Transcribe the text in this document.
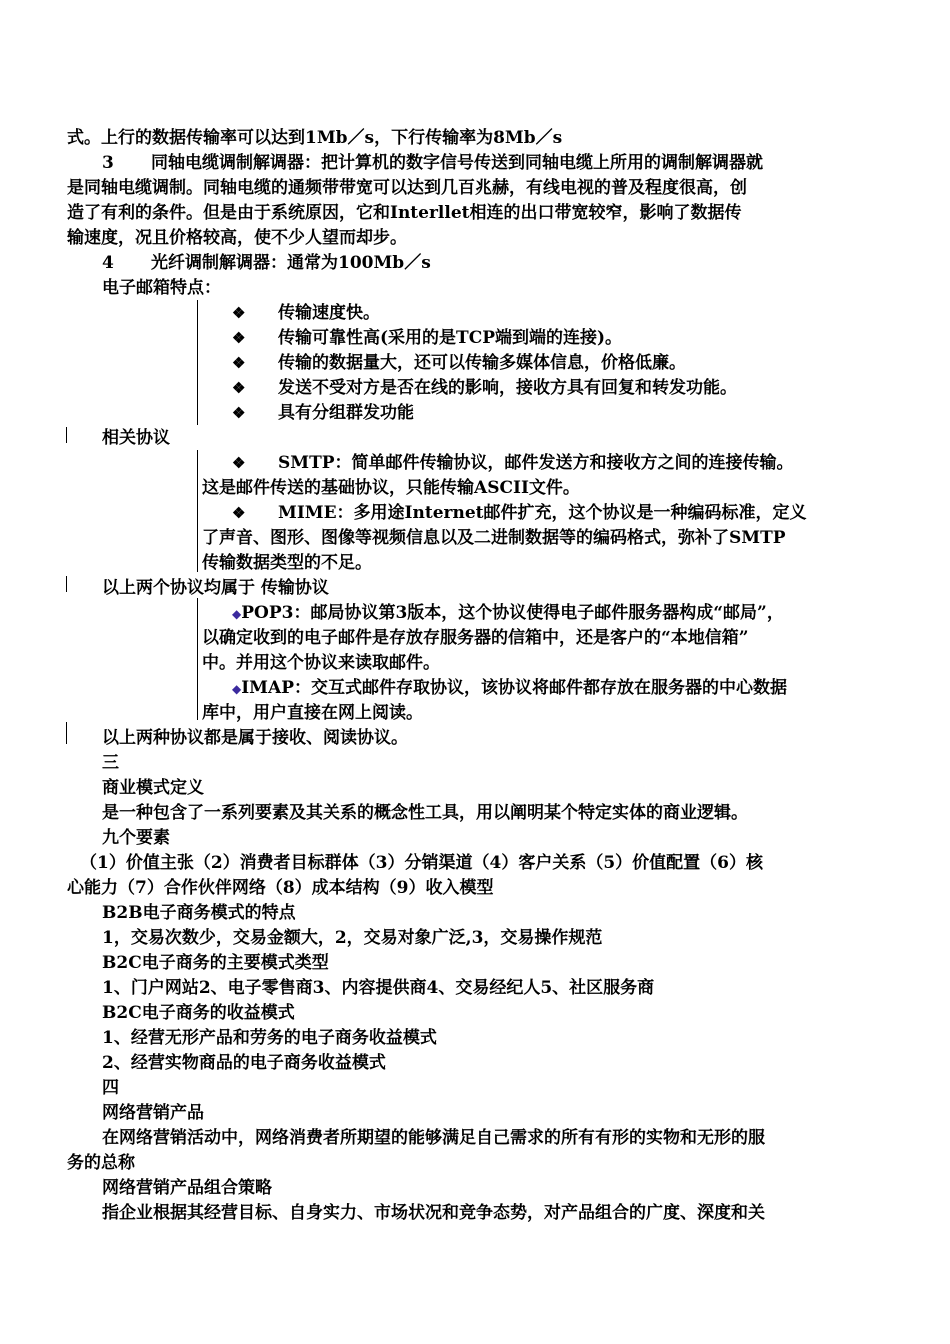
式。上行的数据传输率可以达到1Mb／s，下行传输率为8Mb／s
3 同轴电缆调制解调器：把计算机的数字信号传送到同轴电缆上所用的调制解调器就
是同轴电缆调制。同轴电缆的通频带带宽可以达到几百兆赫，有线电视的普及程度很高，创
造了有利的条件。但是由于系统原因，它和Interllet相连的出口带宽较窄，影响了数据传
输速度，况且价格较高，使不少人望而却步。
4 光纤调制解调器：通常为100Mb／s
电子邮箱特点：
❖ 传输速度快。
❖ 传输可靠性高(采用的是TCP端到端的连接)。
❖ 传输的数据量大，还可以传输多媒体信息，价格低廉。
❖ 发送不受对方是否在线的影响，接收方具有回复和转发功能。
❖ 具有分组群发功能
相关协议
❖ SMTP：简单邮件传输协议，邮件发送方和接收方之间的连接传输。
这是邮件传送的基础协议，只能传输ASCII文件。
❖ MIME：多用途Internet邮件扩充，这个协议是一种编码标准，定义
了声音、图形、图像等视频信息以及二进制数据等的编码格式，弥补了SMTP
传输数据类型的不足。
以上两个协议均属于 传输协议
◆POP3：邮局协议第3版本，这个协议使得电子邮件服务器构成“邮局”，
以确定收到的电子邮件是存放存服务器的信箱中，还是客户的“本地信箱”
中。并用这个协议来读取邮件。
◆IMAP：交互式邮件存取协议，该协议将邮件都存放在服务器的中心数据
库中，用户直接在网上阅读。
以上两种协议都是属于接收、阅读协议。
三
商业模式定义
是一种包含了一系列要素及其关系的概念性工具，用以阐明某个特定实体的商业逻辑。
九个要素
（1）价值主张（2）消费者目标群体（3）分销渠道（4）客户关系（5）价值配置（6）核
心能力（7）合作伙伴网络（8）成本结构（9）收入模型
B2B电子商务模式的特点
1，交易次数少，交易金额大，2，交易对象广泛,3，交易操作规范
B2C电子商务的主要模式类型
1、门户网站2、电子零售商3、内容提供商4、交易经纪人5、社区服务商
B2C电子商务的收益模式
1、经营无形产品和劳务的电子商务收益模式
2、经营实物商品的电子商务收益模式
四
网络营销产品
在网络营销活动中，网络消费者所期望的能够满足自己需求的所有有形的实物和无形的服
务的总称
网络营销产品组合策略
指企业根据其经营目标、自身实力、市场状况和竞争态势，对产品组合的广度、深度和关
